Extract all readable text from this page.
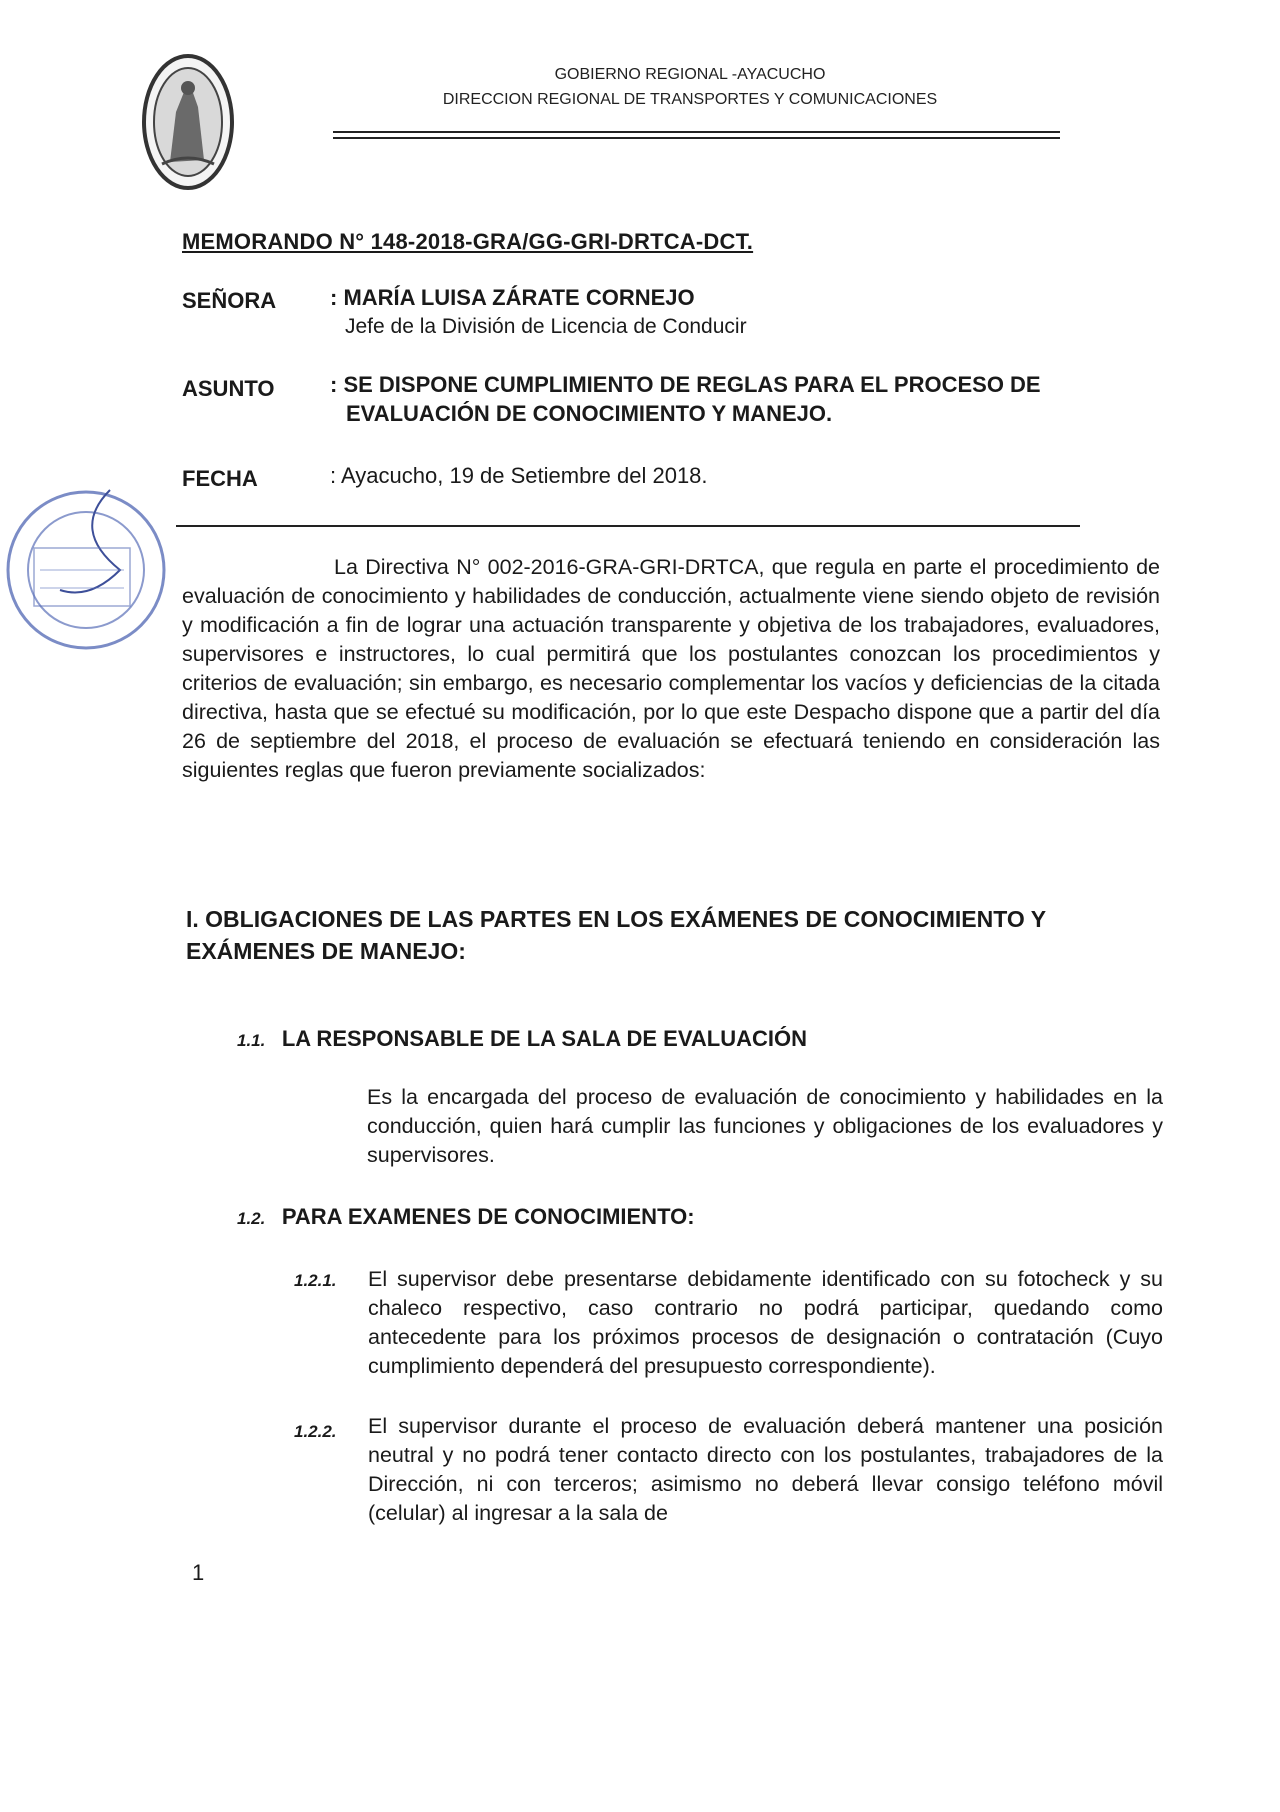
GOBIERNO REGIONAL -AYACUCHO
DIRECCION REGIONAL DE TRANSPORTES Y COMUNICACIONES
MEMORANDO N° 148-2018-GRA/GG-GRI-DRTCA-DCT.
SEÑORA : MARÍA LUISA ZÁRATE CORNEJO
Jefe de la División de Licencia de Conducir
ASUNTO	: SE DISPONE CUMPLIMIENTO DE REGLAS PARA EL PROCESO DE
EVALUACIÓN DE CONOCIMIENTO Y MANEJO.
FECHA	: Ayacucho, 19 de Setiembre del 2018.
La Directiva N° 002-2016-GRA-GRI-DRTCA, que regula en parte el procedimiento de evaluación de conocimiento y habilidades de conducción, actualmente viene siendo objeto de revisión y modificación a fin de lograr una actuación transparente y objetiva de los trabajadores, evaluadores, supervisores e instructores, lo cual permitirá que los postulantes conozcan los procedimientos y criterios de evaluación; sin embargo, es necesario complementar los vacíos y deficiencias de la citada directiva, hasta que se efectué su modificación, por lo que este Despacho dispone que a partir del día 26 de septiembre del 2018, el proceso de evaluación se efectuará teniendo en consideración las siguientes reglas que fueron previamente socializados:
I. OBLIGACIONES DE LAS PARTES EN LOS EXÁMENES DE CONOCIMIENTO Y EXÁMENES DE MANEJO:
1.1. LA RESPONSABLE DE LA SALA DE EVALUACIÓN
Es la encargada del proceso de evaluación de conocimiento y habilidades en la conducción, quien hará cumplir las funciones y obligaciones de los evaluadores y supervisores.
1.2. PARA EXAMENES DE CONOCIMIENTO:
1.2.1. El supervisor debe presentarse debidamente identificado con su fotocheck y su chaleco respectivo, caso contrario no podrá participar, quedando como antecedente para los próximos procesos de designación o contratación (Cuyo cumplimiento dependerá del presupuesto correspondiente).
1.2.2. El supervisor durante el proceso de evaluación deberá mantener una posición neutral y no podrá tener contacto directo con los postulantes, trabajadores de la Dirección, ni con terceros; asimismo no deberá llevar consigo teléfono móvil (celular) al ingresar a la sala de
1
